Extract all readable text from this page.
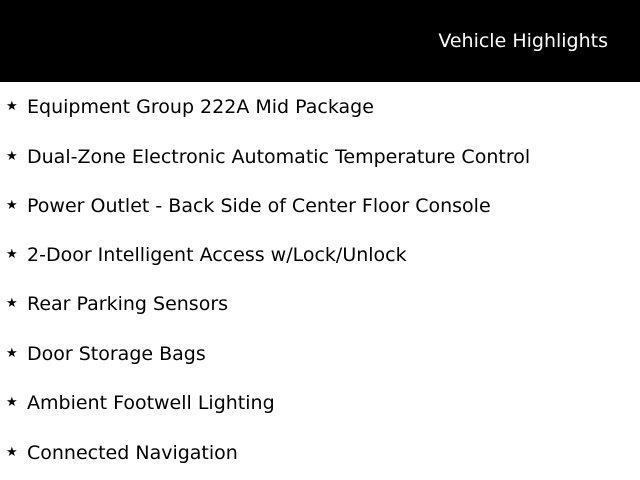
Vehicle Highlights
★ Equipment Group 222A Mid Package
★ Dual-Zone Electronic Automatic Temperature Control
★ Power Outlet - Back Side of Center Floor Console
★ 2-Door Intelligent Access w/Lock/Unlock
★ Rear Parking Sensors
★ Door Storage Bags
★ Ambient Footwell Lighting
★ Connected Navigation
